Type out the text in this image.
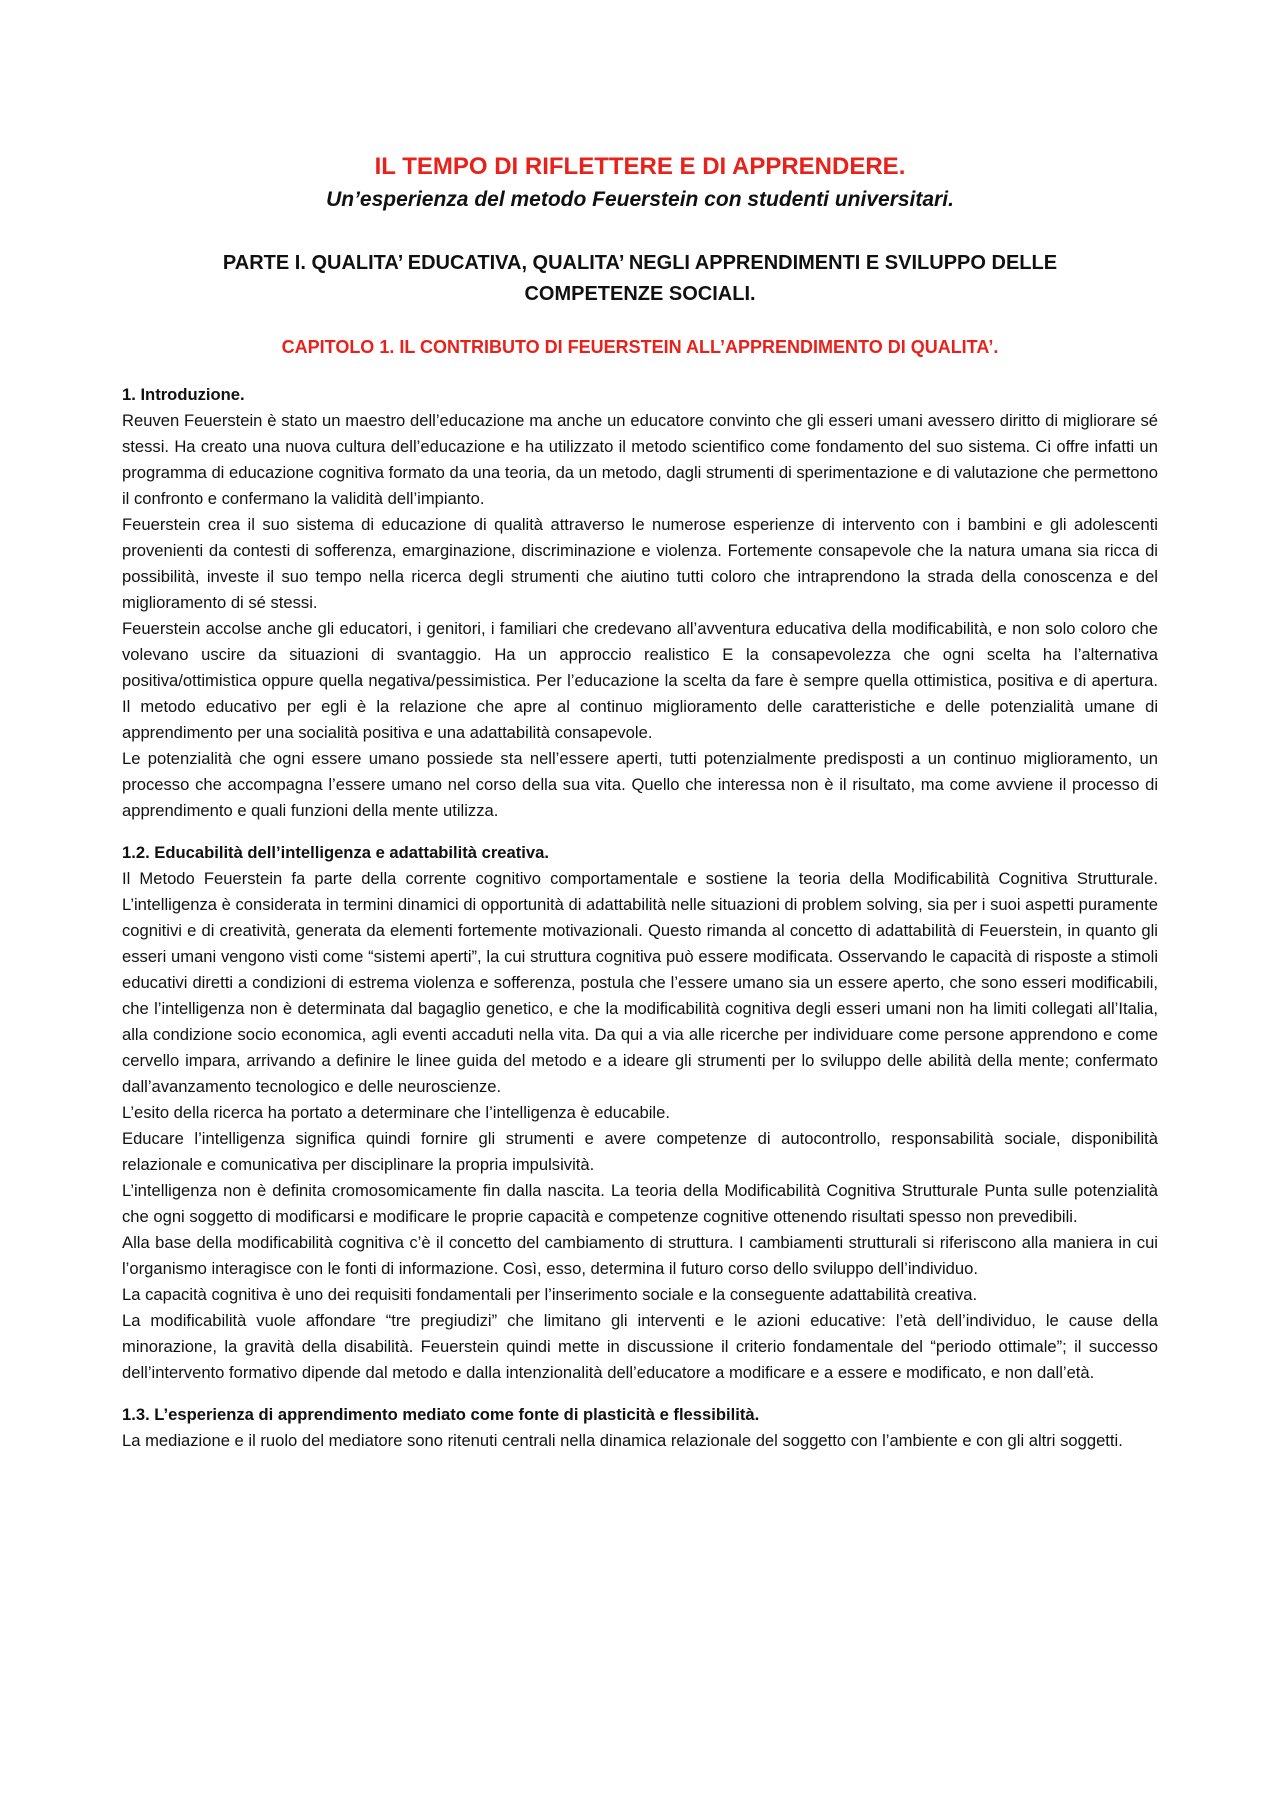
IL TEMPO DI RIFLETTERE E DI APPRENDERE.
Un’esperienza del metodo Feuerstein con studenti universitari.
PARTE I. QUALITA’ EDUCATIVA, QUALITA’ NEGLI APPRENDIMENTI E SVILUPPO DELLE COMPETENZE SOCIALI.
CAPITOLO 1. IL CONTRIBUTO DI FEUERSTEIN ALL’APPRENDIMENTO DI QUALITA’.
1. Introduzione.

Reuven Feuerstein è stato un maestro dell’educazione ma anche un educatore convinto che gli esseri umani avessero diritto di migliorare sé stessi. Ha creato una nuova cultura dell’educazione e ha utilizzato il metodo scientifico come fondamento del suo sistema. Ci offre infatti un programma di educazione cognitiva formato da una teoria, da un metodo, dagli strumenti di sperimentazione e di valutazione che permettono il confronto e confermano la validità dell’impianto.

Feuerstein crea il suo sistema di educazione di qualità attraverso le numerose esperienze di intervento con i bambini e gli adolescenti provenienti da contesti di sofferenza, emarginazione, discriminazione e violenza. Fortemente consapevole che la natura umana sia ricca di possibilità, investe il suo tempo nella ricerca degli strumenti che aiutino tutti coloro che intraprendono la strada della conoscenza e del miglioramento di sé stessi.

Feuerstein accolse anche gli educatori, i genitori, i familiari che credevano all’avventura educativa della modificabilità, e non solo coloro che volevano uscire da situazioni di svantaggio. Ha un approccio realistico E la consapevolezza che ogni scelta ha l’alternativa positiva/ottimistica oppure quella negativa/pessimistica. Per l’educazione la scelta da fare è sempre quella ottimistica, positiva e di apertura. Il metodo educativo per egli è la relazione che apre al continuo miglioramento delle caratteristiche e delle potenzialità umane di apprendimento per una socialità positiva e una adattabilità consapevole.

Le potenzialità che ogni essere umano possiede sta nell’essere aperti, tutti potenzialmente predisposti a un continuo miglioramento, un processo che accompagna l’essere umano nel corso della sua vita. Quello che interessa non è il risultato, ma come avviene il processo di apprendimento e quali funzioni della mente utilizza.

1.2. Educabilità dell’intelligenza e adattabilità creativa.

Il Metodo Feuerstein fa parte della corrente cognitivo comportamentale e sostiene la teoria della Modificabilità Cognitiva Strutturale. L’intelligenza è considerata in termini dinamici di opportunità di adattabilità nelle situazioni di problem solving, sia per i suoi aspetti puramente cognitivi e di creatività, generata da elementi fortemente motivazionali. Questo rimanda al concetto di adattabilità di Feuerstein, in quanto gli esseri umani vengono visti come “sistemi aperti”, la cui struttura cognitiva può essere modificata. Osservando le capacità di risposte a stimoli educativi diretti a condizioni di estrema violenza e sofferenza, postula che l’essere umano sia un essere aperto, che sono esseri modificabili, che l’intelligenza non è determinata dal bagaglio genetico, e che la modificabilità cognitiva degli esseri umani non ha limiti collegati all’Italia, alla condizione socio economica, agli eventi accaduti nella vita. Da qui a via alle ricerche per individuare come persone apprendono e come cervello impara, arrivando a definire le linee guida del metodo e a ideare gli strumenti per lo sviluppo delle abilità della mente; confermato dall’avanzamento tecnologico e delle neuroscienze.

L’esito della ricerca ha portato a determinare che l’intelligenza è educabile.

Educare l’intelligenza significa quindi fornire gli strumenti e avere competenze di autocontrollo, responsabilità sociale, disponibilità relazionale e comunicativa per disciplinare la propria impulsività.

L’intelligenza non è definita cromosomicamente fin dalla nascita. La teoria della Modificabilità Cognitiva Strutturale Punta sulle potenzialità che ogni soggetto di modificarsi e modificare le proprie capacità e competenze cognitive ottenendo risultati spesso non prevedibili.

Alla base della modificabilità cognitiva c’è il concetto del cambiamento di struttura. I cambiamenti strutturali si riferiscono alla maniera in cui l’organismo interagisce con le fonti di informazione. Così, esso, determina il futuro corso dello sviluppo dell’individuo.

La capacità cognitiva è uno dei requisiti fondamentali per l’inserimento sociale e la conseguente adattabilità creativa.

La modificabilità vuole affondare “tre pregiudizi” che limitano gli interventi e le azioni educative: l’età dell’individuo, le cause della minorazione, la gravità della disabilità. Feuerstein quindi mette in discussione il criterio fondamentale del “periodo ottimale”; il successo dell’intervento formativo dipende dal metodo e dalla intenzionalità dell’educatore a modificare e a essere e modificato, e non dall’età.

1.3. L’esperienza di apprendimento mediato come fonte di plasticità e flessibilità.

La mediazione e il ruolo del mediatore sono ritenuti centrali nella dinamica relazionale del soggetto con l’ambiente e con gli altri soggetti.
